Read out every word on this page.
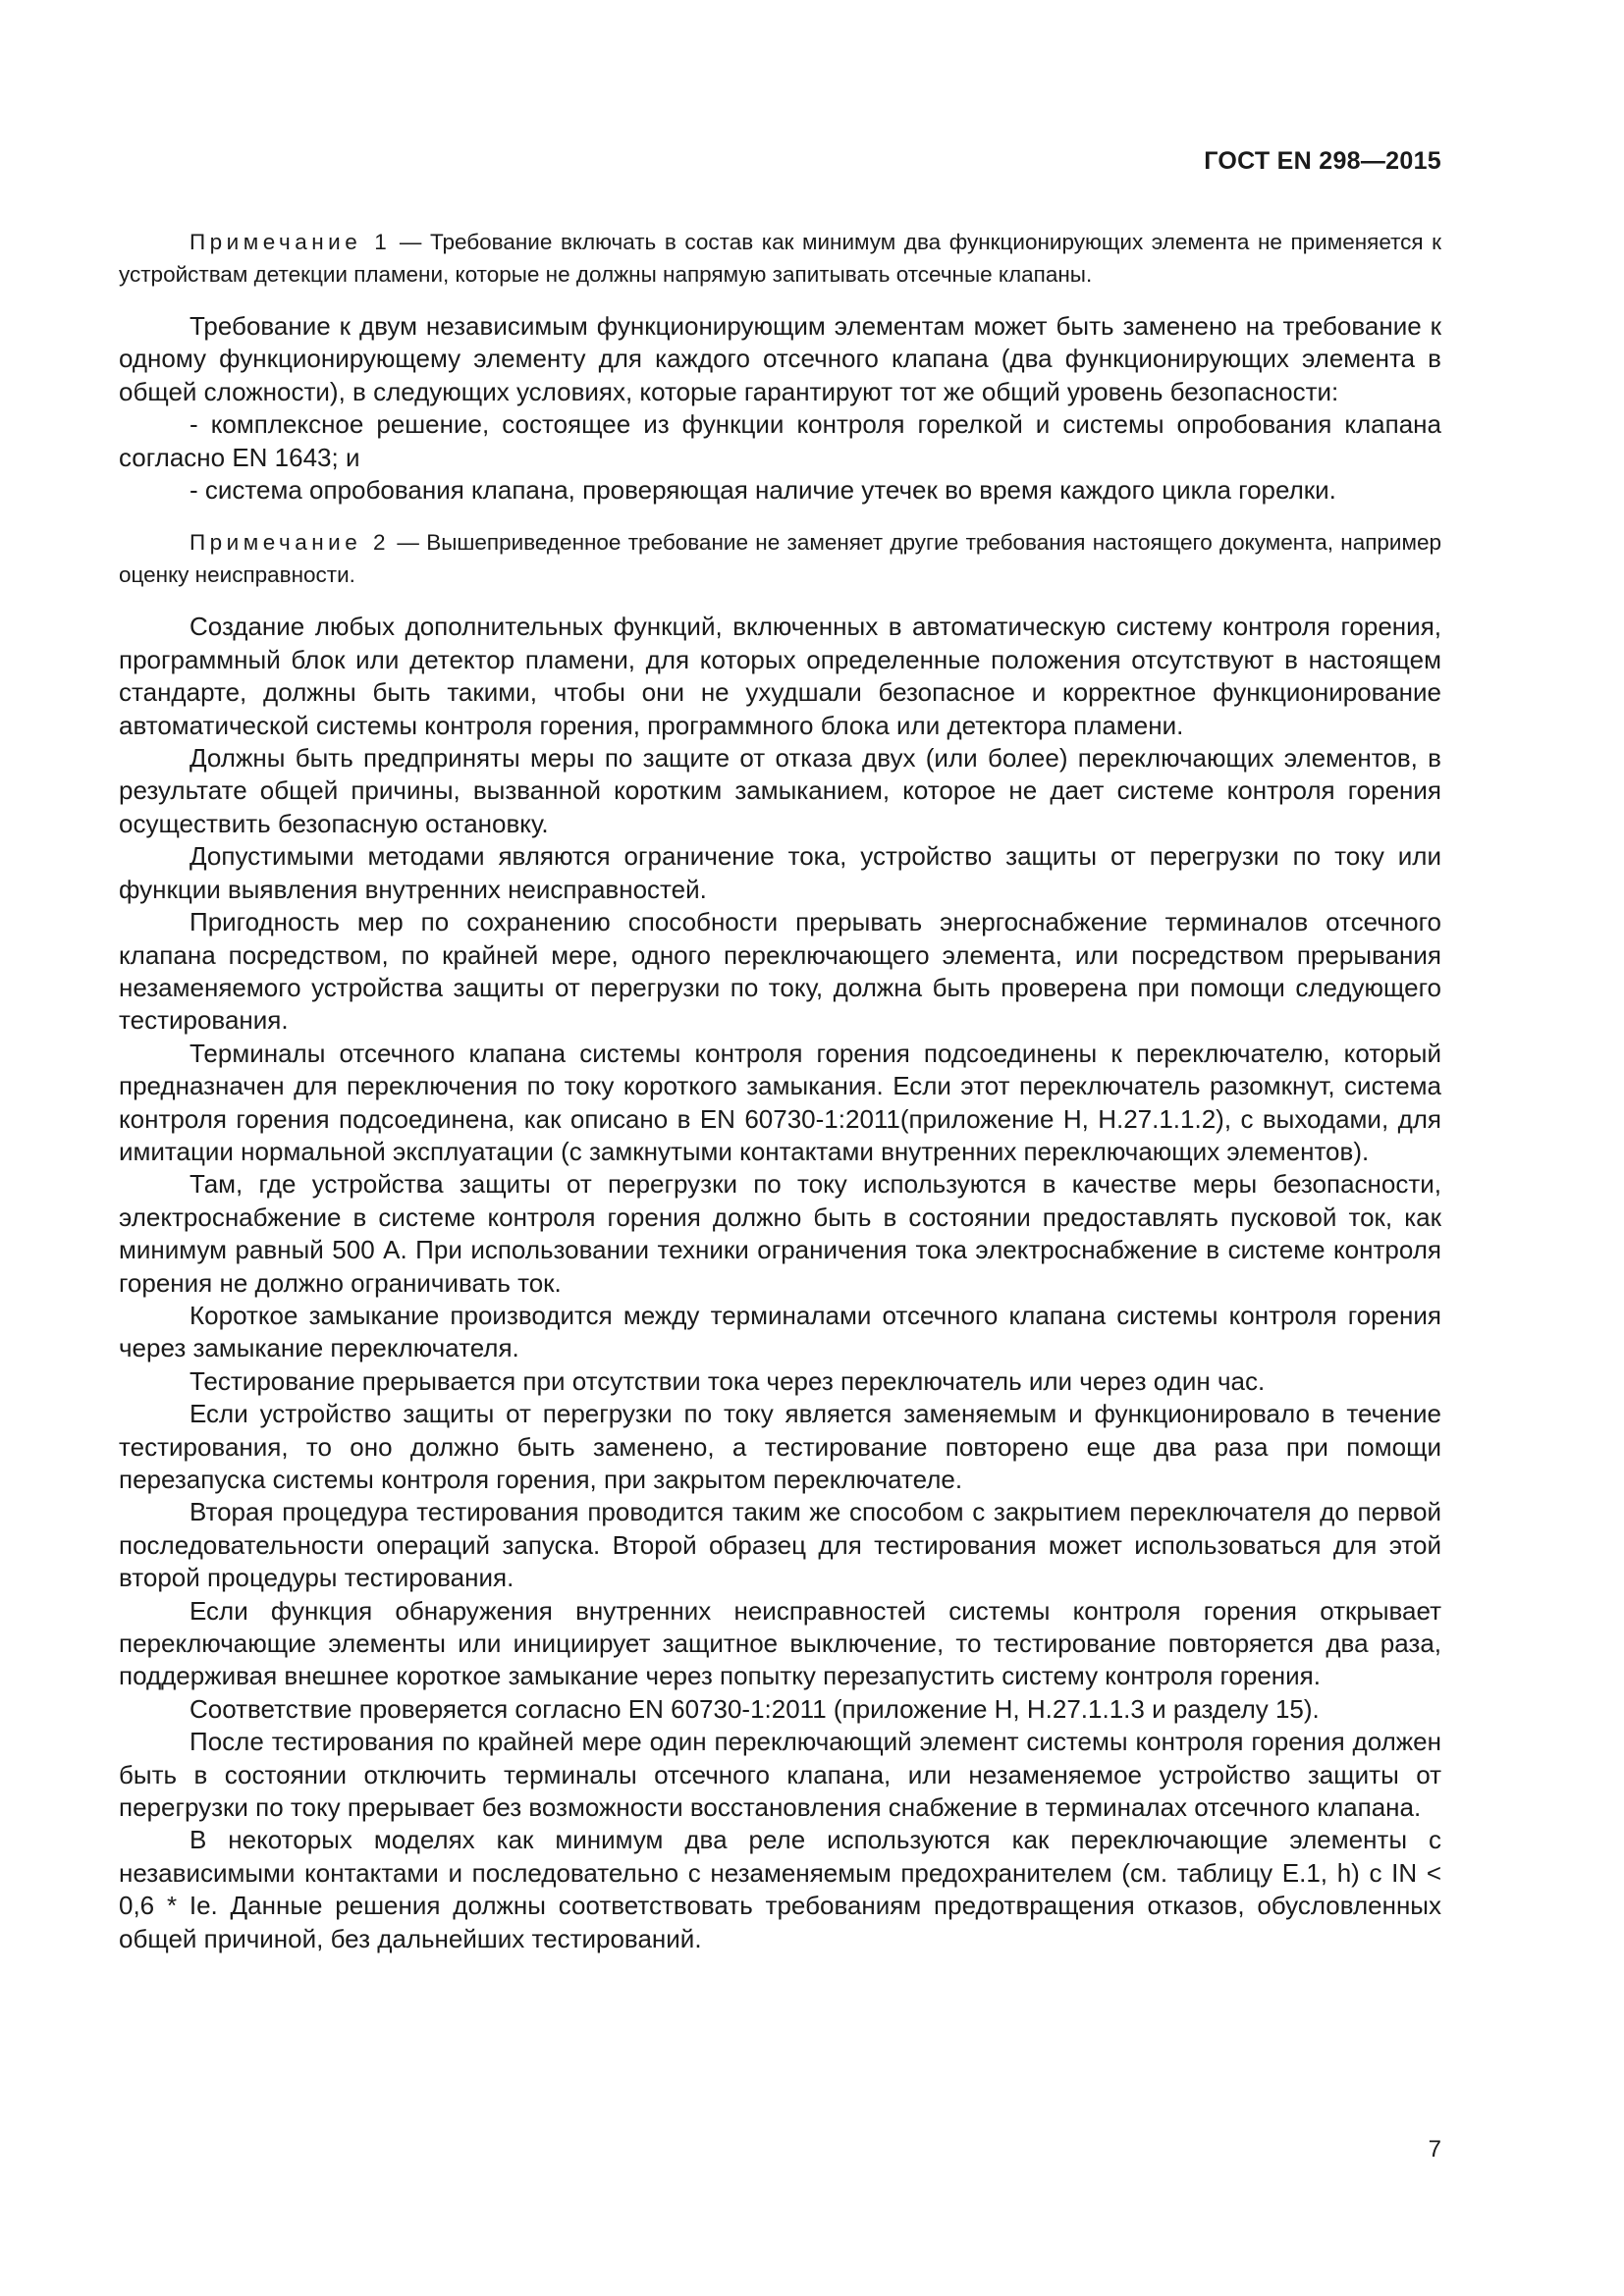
ГОСТ EN 298—2015

Примечание 1 — Требование включать в состав как минимум два функционирующих элемента не применяется к устройствам детекции пламени, которые не должны напрямую запитывать отсечные клапаны.

Требование к двум независимым функционирующим элементам может быть заменено на требование к одному функционирующему элементу для каждого отсечного клапана (два функционирующих элемента в общей сложности), в следующих условиях, которые гарантируют тот же общий уровень безопасности:

- комплексное решение, состоящее из функции контроля горелкой и системы опробования клапана согласно EN 1643; и

- система опробования клапана, проверяющая наличие утечек во время каждого цикла горелки.

Примечание 2 — Вышеприведенное требование не заменяет другие требования настоящего документа, например оценку неисправности.

Создание любых дополнительных функций, включенных в автоматическую систему контроля горения, программный блок или детектор пламени, для которых определенные положения отсутствуют в настоящем стандарте, должны быть такими, чтобы они не ухудшали безопасное и корректное функционирование автоматической системы контроля горения, программного блока или детектора пламени.

Должны быть предприняты меры по защите от отказа двух (или более) переключающих элементов, в результате общей причины, вызванной коротким замыканием, которое не дает системе контроля горения осуществить безопасную остановку.

Допустимыми методами являются ограничение тока, устройство защиты от перегрузки по току или функции выявления внутренних неисправностей.

Пригодность мер по сохранению способности прерывать энергоснабжение терминалов отсечного клапана посредством, по крайней мере, одного переключающего элемента, или посредством прерывания незаменяемого устройства защиты от перегрузки по току, должна быть проверена при помощи следующего тестирования.

Терминалы отсечного клапана системы контроля горения подсоединены к переключателю, который предназначен для переключения по току короткого замыкания. Если этот переключатель разомкнут, система контроля горения подсоединена, как описано в EN 60730-1:2011(приложение H, H.27.1.1.2), с выходами, для имитации нормальной эксплуатации (с замкнутыми контактами внутренних переключающих элементов).

Там, где устройства защиты от перегрузки по току используются в качестве меры безопасности, электроснабжение в системе контроля горения должно быть в состоянии предоставлять пусковой ток, как минимум равный 500 А. При использовании техники ограничения тока электроснабжение в системе контроля горения не должно ограничивать ток.

Короткое замыкание производится между терминалами отсечного клапана системы контроля горения через замыкание переключателя.

Тестирование прерывается при отсутствии тока через переключатель или через один час.

Если устройство защиты от перегрузки по току является заменяемым и функционировало в течение тестирования, то оно должно быть заменено, а тестирование повторено еще два раза при помощи перезапуска системы контроля горения, при закрытом переключателе.

Вторая процедура тестирования проводится таким же способом с закрытием переключателя до первой последовательности операций запуска. Второй образец для тестирования может использоваться для этой второй процедуры тестирования.

Если функция обнаружения внутренних неисправностей системы контроля горения открывает переключающие элементы или инициирует защитное выключение, то тестирование повторяется два раза, поддерживая внешнее короткое замыкание через попытку перезапустить систему контроля горения.

Соответствие проверяется согласно EN 60730-1:2011 (приложение H, H.27.1.1.3 и разделу 15).

После тестирования по крайней мере один переключающий элемент системы контроля горения должен быть в состоянии отключить терминалы отсечного клапана, или незаменяемое устройство защиты от перегрузки по току прерывает без возможности восстановления снабжение в терминалах отсечного клапана.

В некоторых моделях как минимум два реле используются как переключающие элементы с независимыми контактами и последовательно с незаменяемым предохранителем (см. таблицу Е.1, h) с IN < 0,6 * Ie. Данные решения должны соответствовать требованиям предотвращения отказов, обусловленных общей причиной, без дальнейших тестирований.

7
